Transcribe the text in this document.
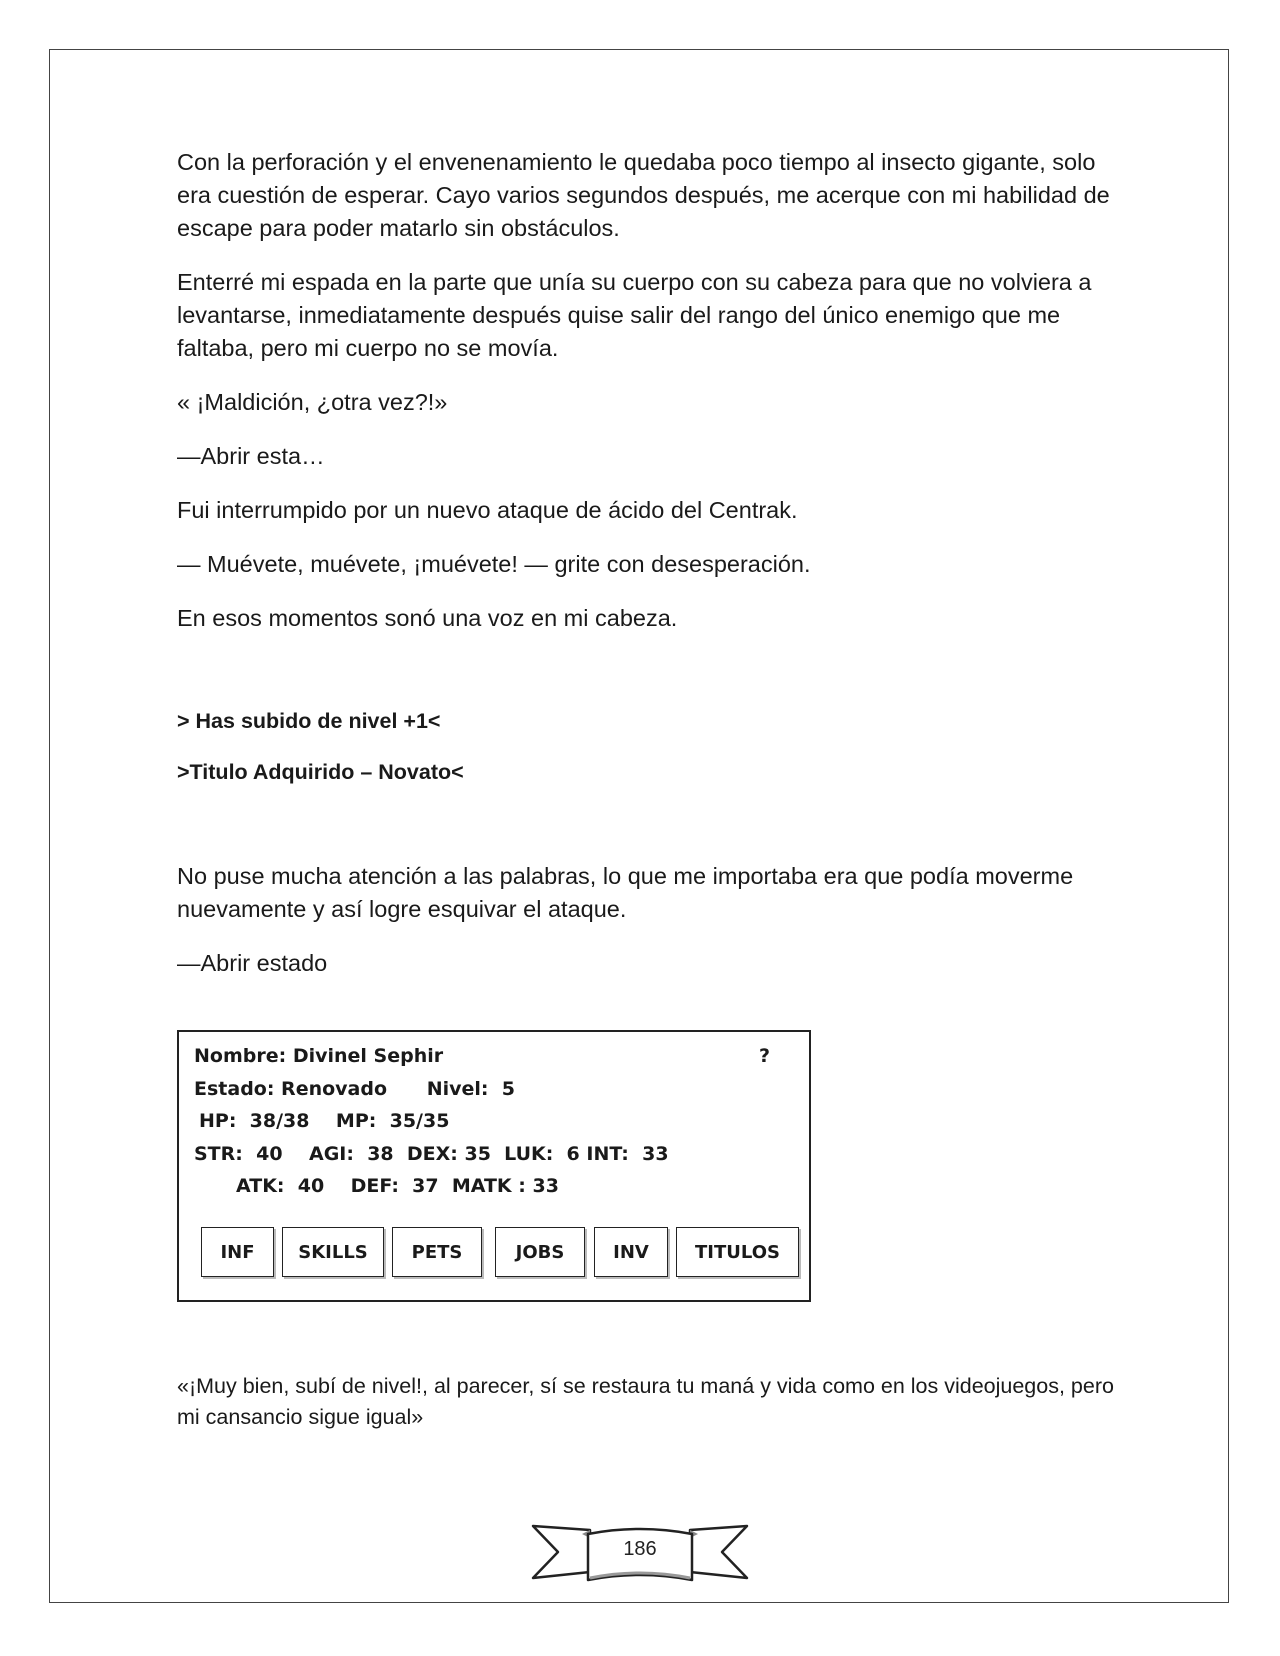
Con la perforación y el envenenamiento le quedaba poco tiempo al insecto gigante, solo era cuestión de esperar. Cayo varios segundos después, me acerque con mi habilidad de escape para poder matarlo sin obstáculos.

Enterré mi espada en la parte que unía su cuerpo con su cabeza para que no volviera a levantarse, inmediatamente después quise salir del rango del único enemigo que me faltaba, pero mi cuerpo no se movía.

« ¡Maldición, ¿otra vez?!»

—Abrir esta…

Fui interrumpido por un nuevo ataque de ácido del Centrak.

— Muévete, muévete, ¡muévete! — grite con desesperación.

En esos momentos sonó una voz en mi cabeza.

> Has subido de nivel +1<

>Titulo Adquirido – Novato<

No puse mucha atención a las palabras, lo que me importaba era que podía moverme nuevamente y así logre esquivar el ataque.

—Abrir estado

Nombre: Divinel Sephir	?
Estado: Renovado      Nivel:  5
HP:  38/38    MP:  35/35
STR:  40    AGI:  38  DEX: 35  LUK:  6 INT:  33
ATK:  40    DEF:  37  MATK : 33
INF	SKILLS	PETS	JOBS	INV	TITULOS

«¡Muy bien, subí de nivel!, al parecer, sí se restaura tu maná y vida como en los videojuegos, pero mi cansancio sigue igual»

186
